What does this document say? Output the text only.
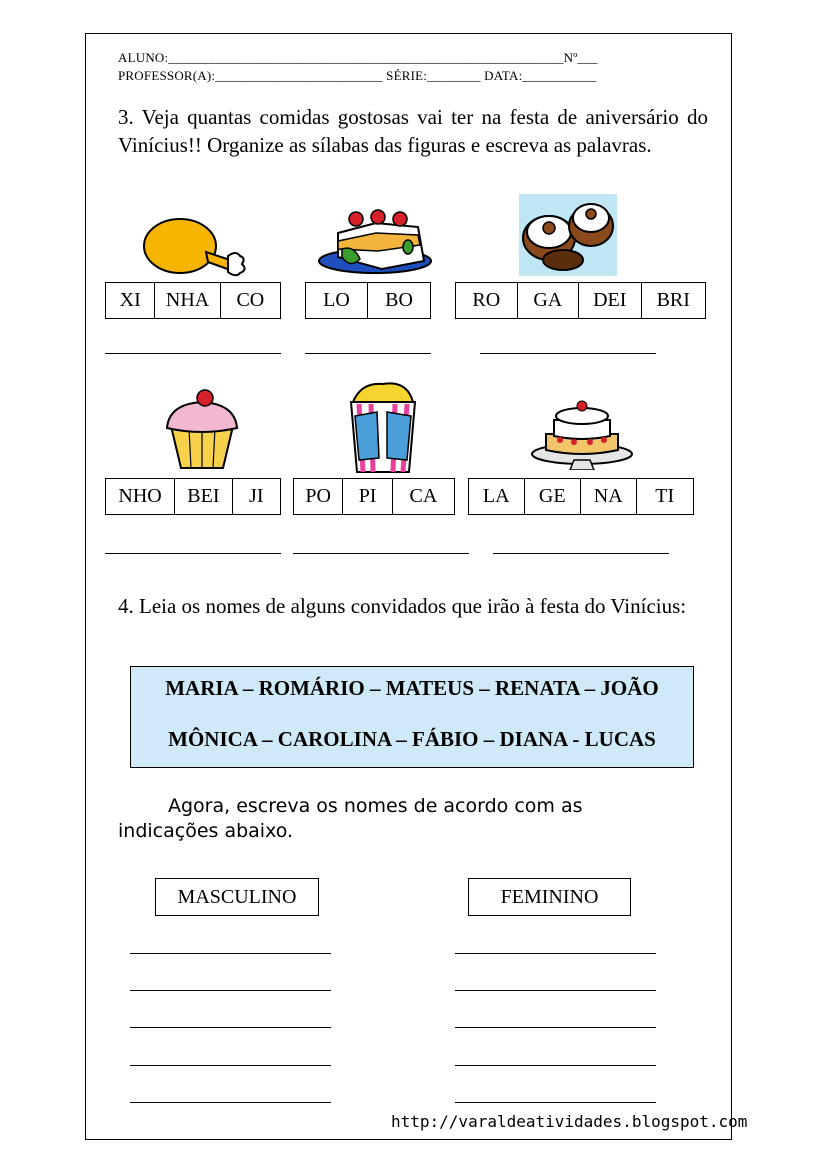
ALUNO:___________________________________________________________Nº___
PROFESSOR(A):_________________________ SÉRIE:________ DATA:___________
3. Veja quantas comidas gostosas vai ter na festa de aniversário do Vinícius!! Organize as sílabas das figuras e escreva as palavras.
XI	NHA	CO	LO	BO	RO	GA	DEI	BRI
NHO	BEI	JI	PO	PI	CA	LA	GE	NA	TI
4. Leia os nomes de alguns convidados que irão à festa do Vinícius:
MARIA – ROMÁRIO – MATEUS – RENATA – JOÃO
MÔNICA – CAROLINA – FÁBIO – DIANA - LUCAS
Agora, escreva os nomes de acordo com as indicações abaixo.
MASCULINO	FEMININO
http://varaldeatividades.blogspot.com
